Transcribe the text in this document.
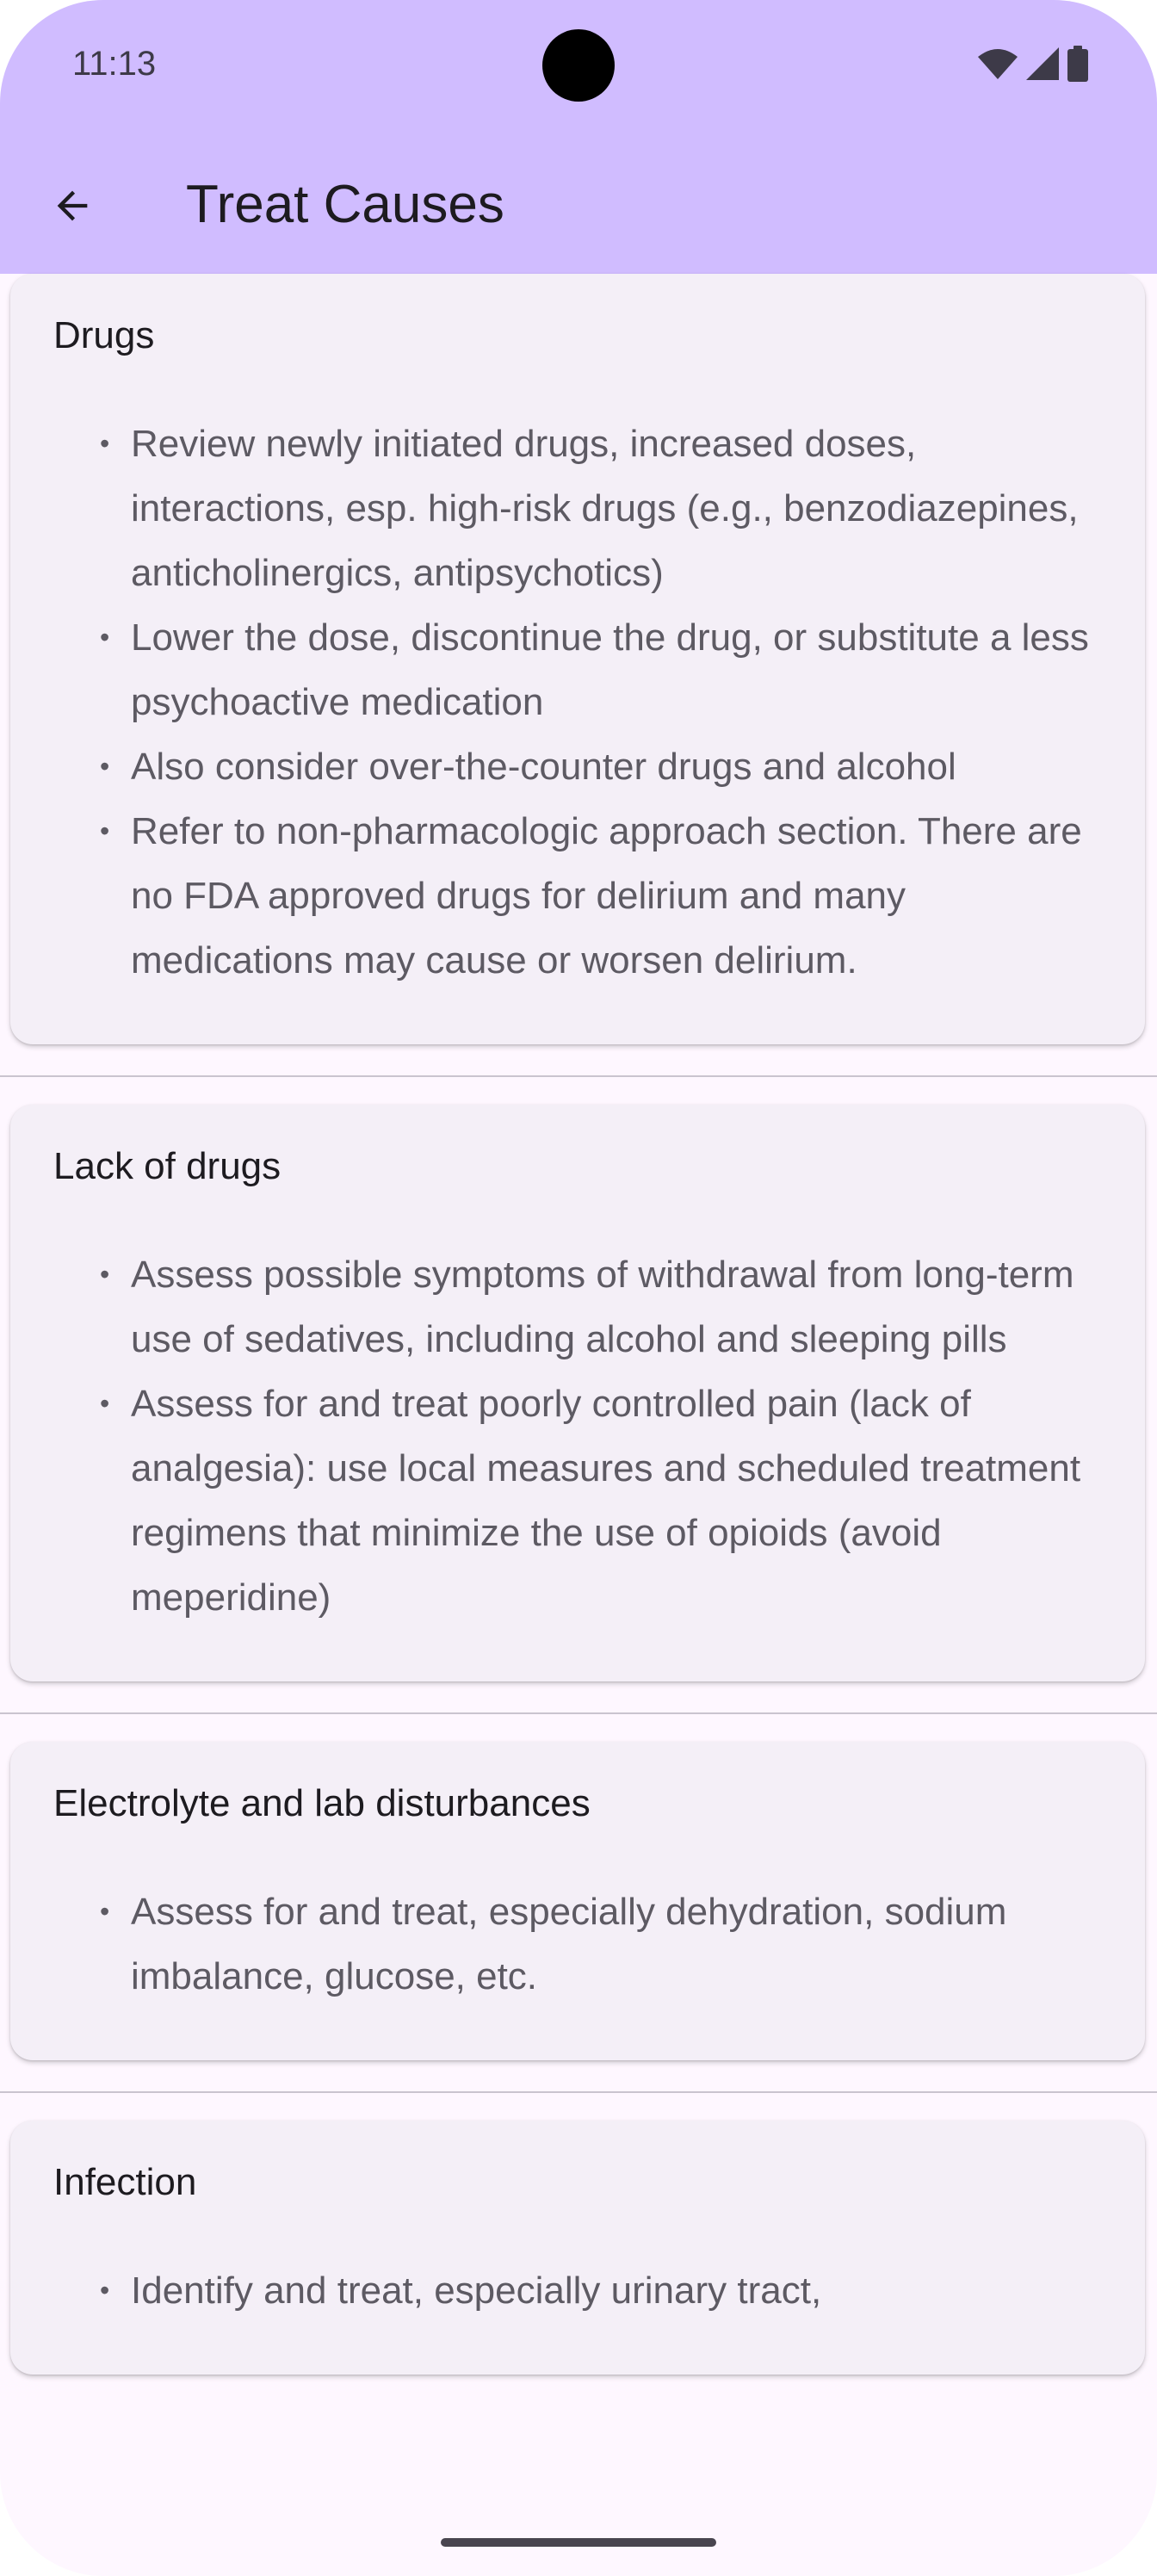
11:13
Treat Causes
Drugs
• Review newly initiated drugs, increased doses, interactions, esp. high-risk drugs (e.g., benzodiazepines, anticholinergics, antipsychotics)
• Lower the dose, discontinue the drug, or substitute a less psychoactive medication
• Also consider over-the-counter drugs and alcohol
• Refer to non-pharmacologic approach section. There are no FDA approved drugs for delirium and many medications may cause or worsen delirium.
Lack of drugs
• Assess possible symptoms of withdrawal from long-term use of sedatives, including alcohol and sleeping pills
• Assess for and treat poorly controlled pain (lack of analgesia): use local measures and scheduled treatment regimens that minimize the use of opioids (avoid meperidine)
Electrolyte and lab disturbances
• Assess for and treat, especially dehydration, sodium imbalance, glucose, etc.
Infection
• Identify and treat, especially urinary tract,
